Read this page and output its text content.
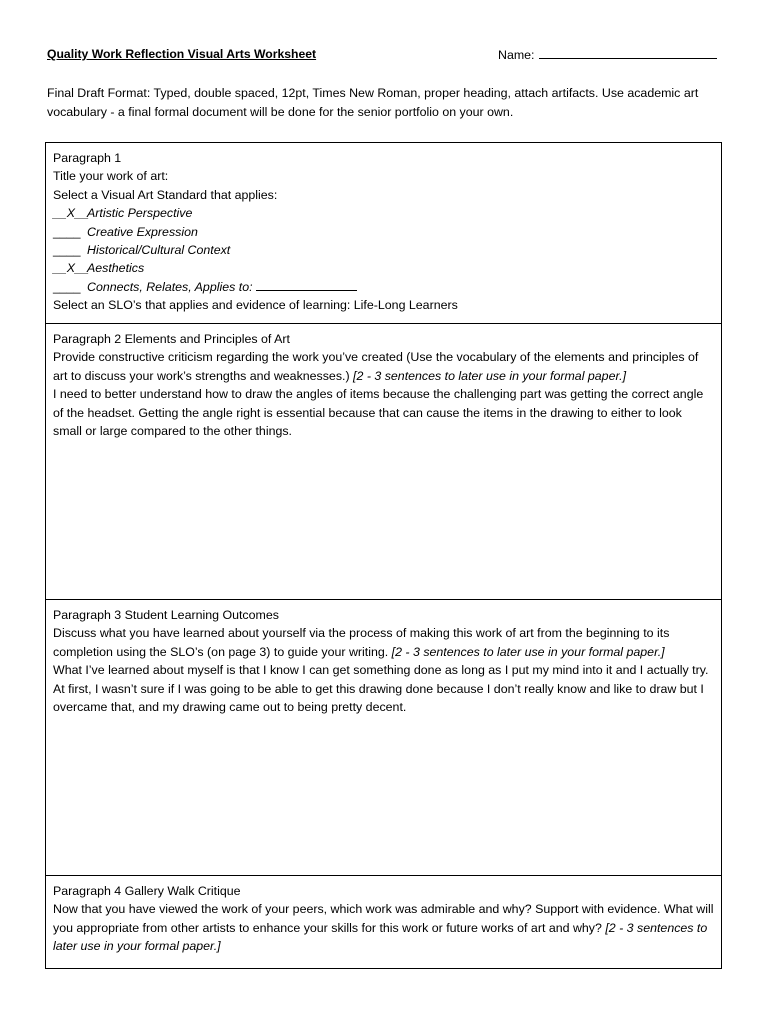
Quality Work Reflection Visual Arts Worksheet	Name:
Final Draft Format: Typed, double spaced, 12pt, Times New Roman, proper heading, attach artifacts. Use academic art vocabulary - a final formal document will be done for the senior portfolio on your own.
Paragraph 1
Title your work of art:
Select a Visual Art Standard that applies:
__X__Artistic Perspective
____ Creative Expression
____ Historical/Cultural Context
__X__Aesthetics
____ Connects, Relates, Applies to:
Select an SLO’s that applies and evidence of learning: Life-Long Learners
Paragraph 2 Elements and Principles of Art
Provide constructive criticism regarding the work you’ve created (Use the vocabulary of the elements and principles of art to discuss your work’s strengths and weaknesses.) [2 - 3 sentences to later use in your formal paper.]
I need to better understand how to draw the angles of items because the challenging part was getting the correct angle of the headset. Getting the angle right is essential because that can cause the items in the drawing to either to look small or large compared to the other things.
Paragraph 3 Student Learning Outcomes
Discuss what you have learned about yourself via the process of making this work of art from the beginning to its completion using the SLO’s (on page 3) to guide your writing. [2 - 3 sentences to later use in your formal paper.]
What I’ve learned about myself is that I know I can get something done as long as I put my mind into it and I actually try. At first, I wasn’t sure if I was going to be able to get this drawing done because I don’t really know and like to draw but I overcame that, and my drawing came out to being pretty decent.
Paragraph 4 Gallery Walk Critique
Now that you have viewed the work of your peers, which work was admirable and why? Support with evidence. What will you appropriate from other artists to enhance your skills for this work or future works of art and why? [2 - 3 sentences to later use in your formal paper.]
